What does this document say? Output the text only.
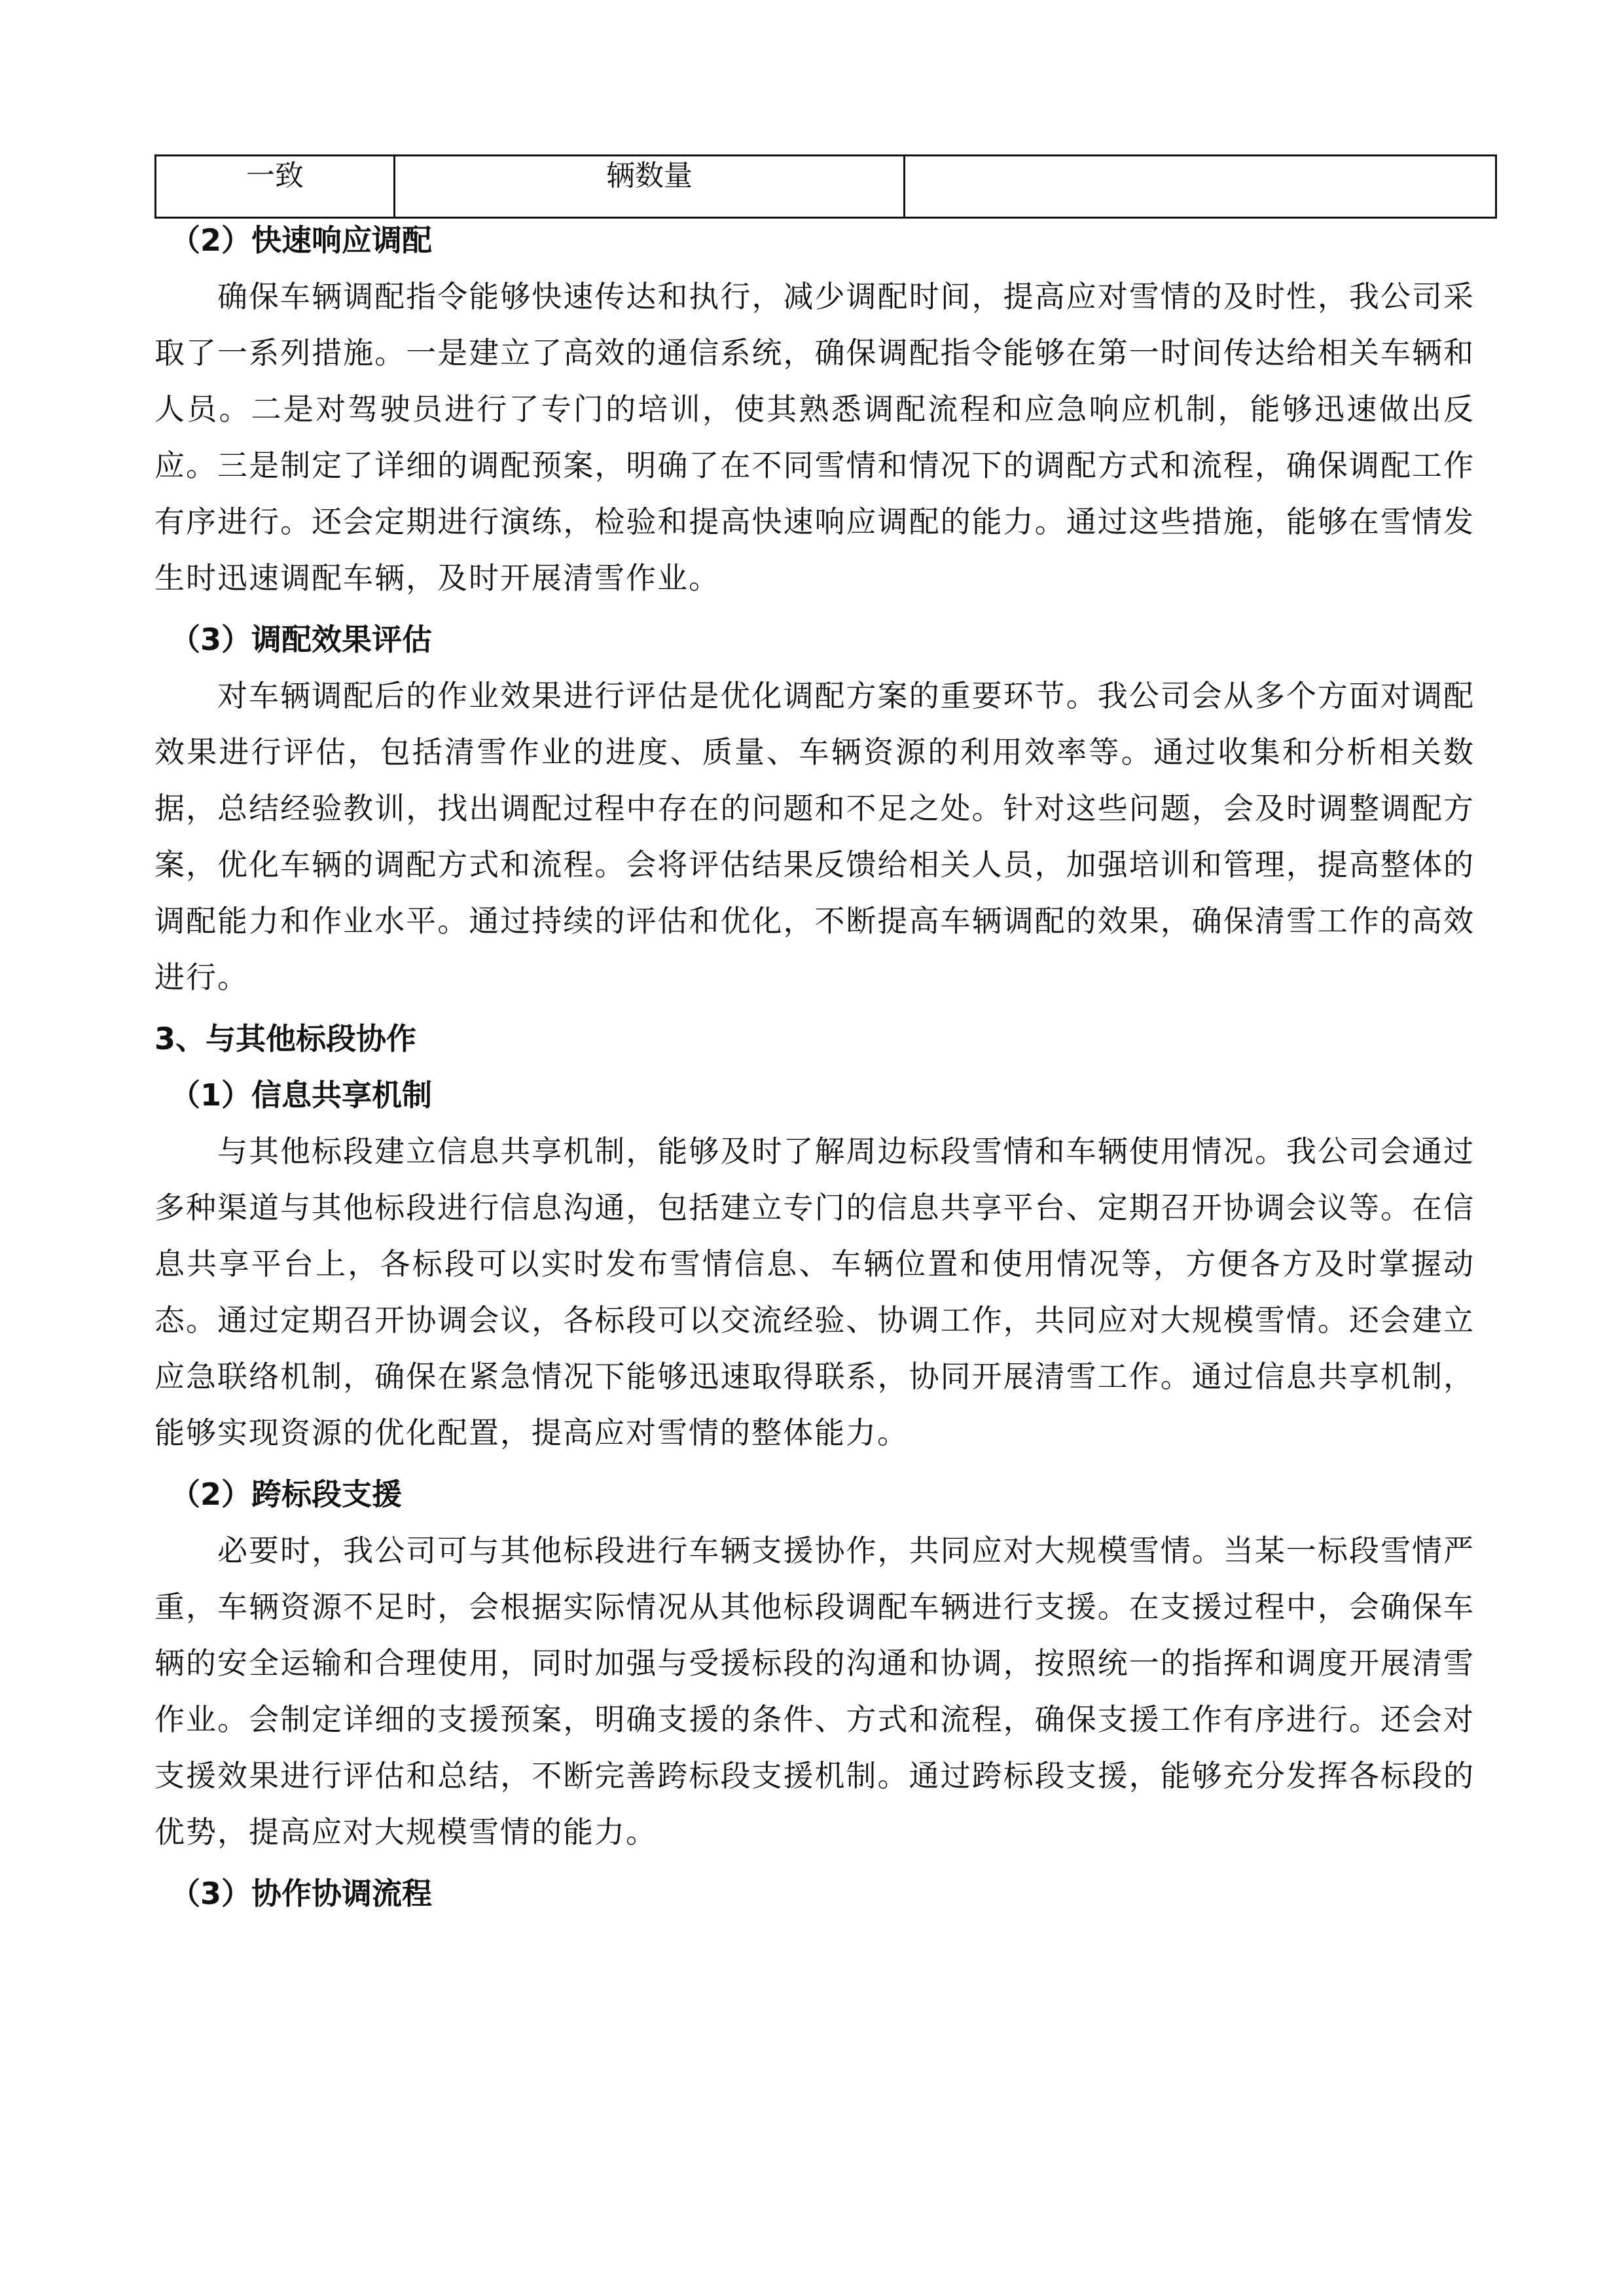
一致	辆数量	
（2）快速响应调配

确保车辆调配指令能够快速传达和执行，减少调配时间，提高应对雪情的及时性，我公司采取了一系列措施。一是建立了高效的通信系统，确保调配指令能够在第一时间传达给相关车辆和人员。二是对驾驶员进行了专门的培训，使其熟悉调配流程和应急响应机制，能够迅速做出反应。三是制定了详细的调配预案，明确了在不同雪情和情况下的调配方式和流程，确保调配工作有序进行。还会定期进行演练，检验和提高快速响应调配的能力。通过这些措施，能够在雪情发生时迅速调配车辆，及时开展清雪作业。

（3）调配效果评估

对车辆调配后的作业效果进行评估是优化调配方案的重要环节。我公司会从多个方面对调配效果进行评估，包括清雪作业的进度、质量、车辆资源的利用效率等。通过收集和分析相关数据，总结经验教训，找出调配过程中存在的问题和不足之处。针对这些问题，会及时调整调配方案，优化车辆的调配方式和流程。会将评估结果反馈给相关人员，加强培训和管理，提高整体的调配能力和作业水平。通过持续的评估和优化，不断提高车辆调配的效果，确保清雪工作的高效进行。

3、与其他标段协作
（1）信息共享机制

与其他标段建立信息共享机制，能够及时了解周边标段雪情和车辆使用情况。我公司会通过多种渠道与其他标段进行信息沟通，包括建立专门的信息共享平台、定期召开协调会议等。在信息共享平台上，各标段可以实时发布雪情信息、车辆位置和使用情况等，方便各方及时掌握动态。通过定期召开协调会议，各标段可以交流经验、协调工作，共同应对大规模雪情。还会建立应急联络机制，确保在紧急情况下能够迅速取得联系，协同开展清雪工作。通过信息共享机制，能够实现资源的优化配置，提高应对雪情的整体能力。

（2）跨标段支援

必要时，我公司可与其他标段进行车辆支援协作，共同应对大规模雪情。当某一标段雪情严重，车辆资源不足时，会根据实际情况从其他标段调配车辆进行支援。在支援过程中，会确保车辆的安全运输和合理使用，同时加强与受援标段的沟通和协调，按照统一的指挥和调度开展清雪作业。会制定详细的支援预案，明确支援的条件、方式和流程，确保支援工作有序进行。还会对支援效果进行评估和总结，不断完善跨标段支援机制。通过跨标段支援，能够充分发挥各标段的优势，提高应对大规模雪情的能力。

（3）协作协调流程
